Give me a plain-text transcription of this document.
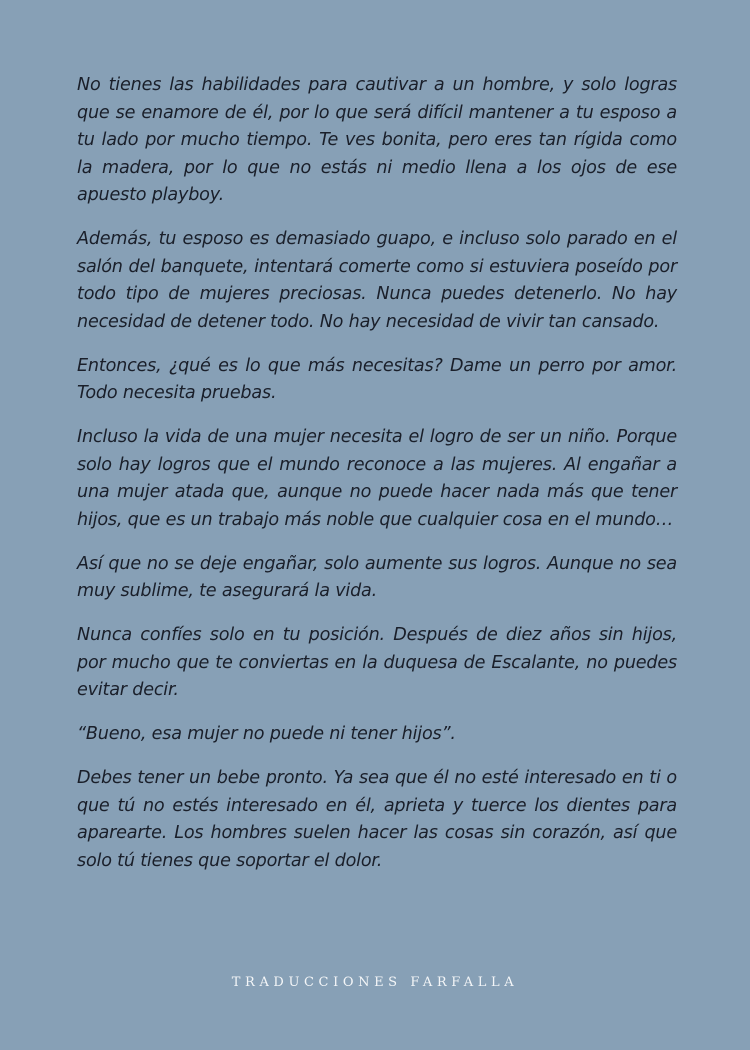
No tienes las habilidades para cautivar a un hombre, y solo logras que se enamore de él, por lo que será difícil mantener a tu esposo a tu lado por mucho tiempo. Te ves bonita, pero eres tan rígida como la madera, por lo que no estás ni medio llena a los ojos de ese apuesto playboy.

Además, tu esposo es demasiado guapo, e incluso solo parado en el salón del banquete, intentará comerte como si estuviera poseído por todo tipo de mujeres preciosas. Nunca puedes detenerlo. No hay necesidad de detener todo. No hay necesidad de vivir tan cansado.

Entonces, ¿qué es lo que más necesitas? Dame un perro por amor. Todo necesita pruebas.

Incluso la vida de una mujer necesita el logro de ser un niño. Porque solo hay logros que el mundo reconoce a las mujeres. Al engañar a una mujer atada que, aunque no puede hacer nada más que tener hijos, que es un trabajo más noble que cualquier cosa en el mundo…

Así que no se deje engañar, solo aumente sus logros. Aunque no sea muy sublime, te asegurará la vida.

Nunca confíes solo en tu posición. Después de diez años sin hijos, por mucho que te conviertas en la duquesa de Escalante, no puedes evitar decir.

“Bueno, esa mujer no puede ni tener hijos”.

Debes tener un bebe pronto. Ya sea que él no esté interesado en ti o que tú no estés interesado en él, aprieta y tuerce los dientes para aparearte. Los hombres suelen hacer las cosas sin corazón, así que solo tú tienes que soportar el dolor.

TRADUCCIONES FARFALLA
